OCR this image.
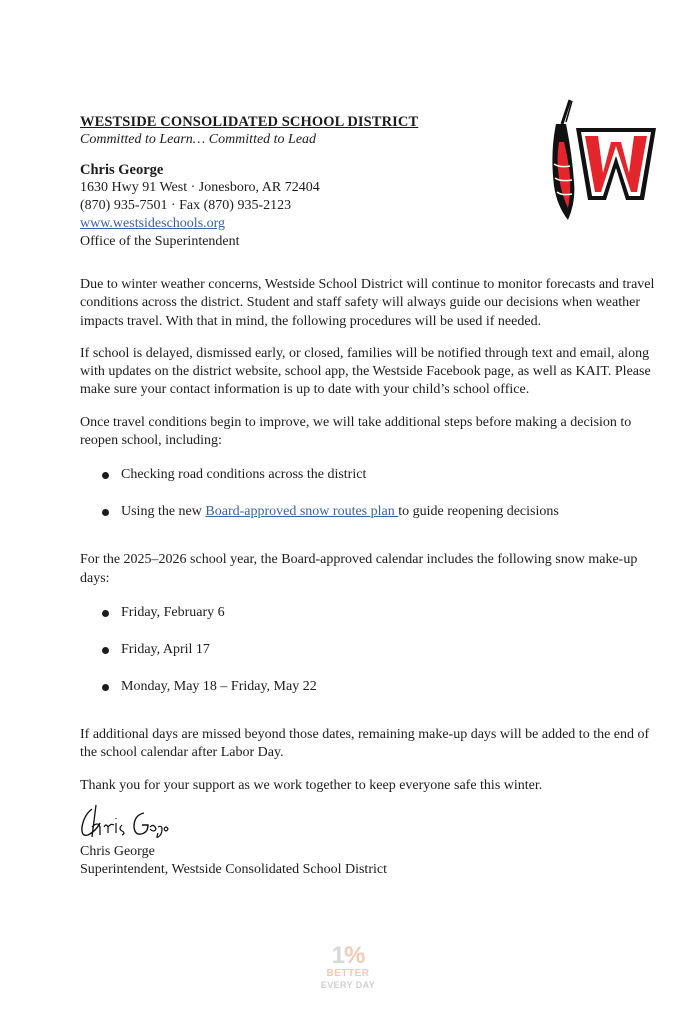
WESTSIDE CONSOLIDATED SCHOOL DISTRICT
Committed to Learn… Committed to Lead
Chris George
1630 Hwy 91 West · Jonesboro, AR 72404
(870) 935-7501 · Fax (870) 935-2123
www.westsideschools.org
Office of the Superintendent

Due to winter weather concerns, Westside School District will continue to monitor forecasts and travel conditions across the district. Student and staff safety will always guide our decisions when weather impacts travel. With that in mind, the following procedures will be used if needed.

If school is delayed, dismissed early, or closed, families will be notified through text and email, along with updates on the district website, school app, the Westside Facebook page, as well as KAIT. Please make sure your contact information is up to date with your child’s school office.

Once travel conditions begin to improve, we will take additional steps before making a decision to reopen school, including:

Checking road conditions across the district
Using the new Board-approved snow routes plan to guide reopening decisions

For the 2025–2026 school year, the Board-approved calendar includes the following snow make-up days:

Friday, February 6
Friday, April 17
Monday, May 18 – Friday, May 22

If additional days are missed beyond those dates, remaining make-up days will be added to the end of the school calendar after Labor Day.

Thank you for your support as we work together to keep everyone safe this winter.

Chris George
Superintendent, Westside Consolidated School District
1%
BETTER
EVERY DAY
